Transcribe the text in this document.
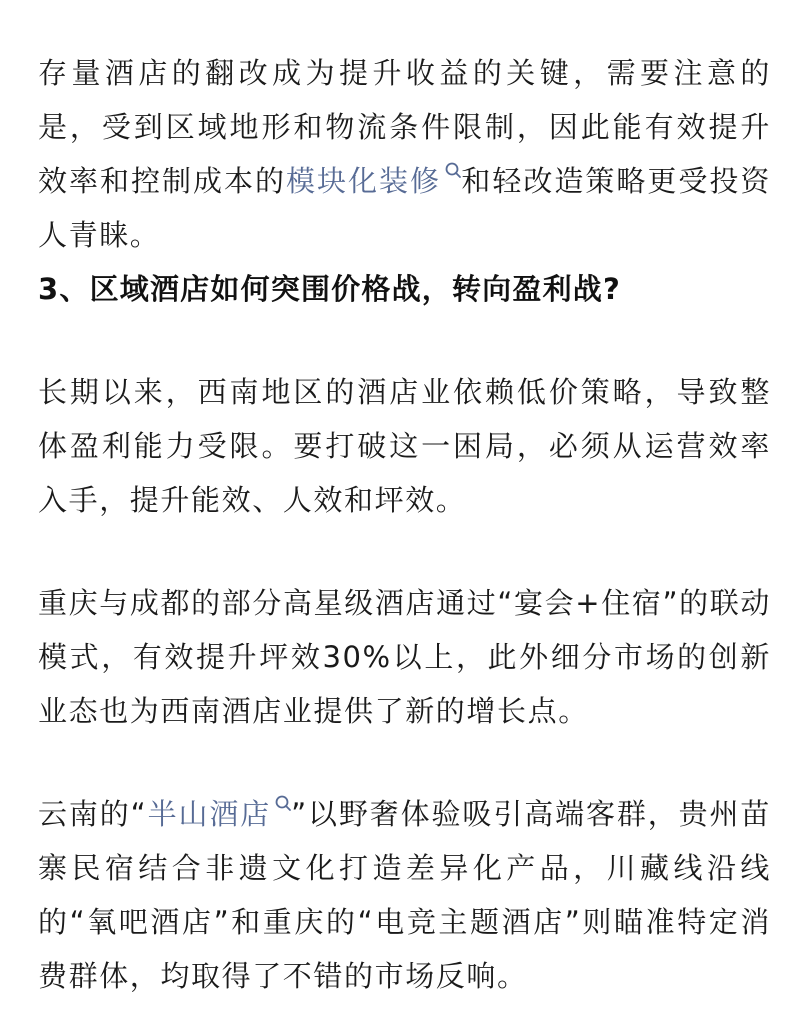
存量酒店的翻改成为提升收益的关键，需要注意的是，受到区域地形和物流条件限制，因此能有效提升效率和控制成本的模块化装修 和轻改造策略更受投资人青睐。

3、区域酒店如何突围价格战，转向盈利战?

长期以来，西南地区的酒店业依赖低价策略，导致整体盈利能力受限。要打破这一困局，必须从运营效率入手，提升能效、人效和坪效。

重庆与成都的部分高星级酒店通过“宴会+住宿”的联动模式，有效提升坪效30%以上，此外细分市场的创新业态也为西南酒店业提供了新的增长点。

云南的“半山酒店 ”以野奢体验吸引高端客群，贵州苗寨民宿结合非遗文化打造差异化产品，川藏线沿线的“氧吧酒店”和重庆的“电竞主题酒店”则瞄准特定消费群体，均取得了不错的市场反响。
